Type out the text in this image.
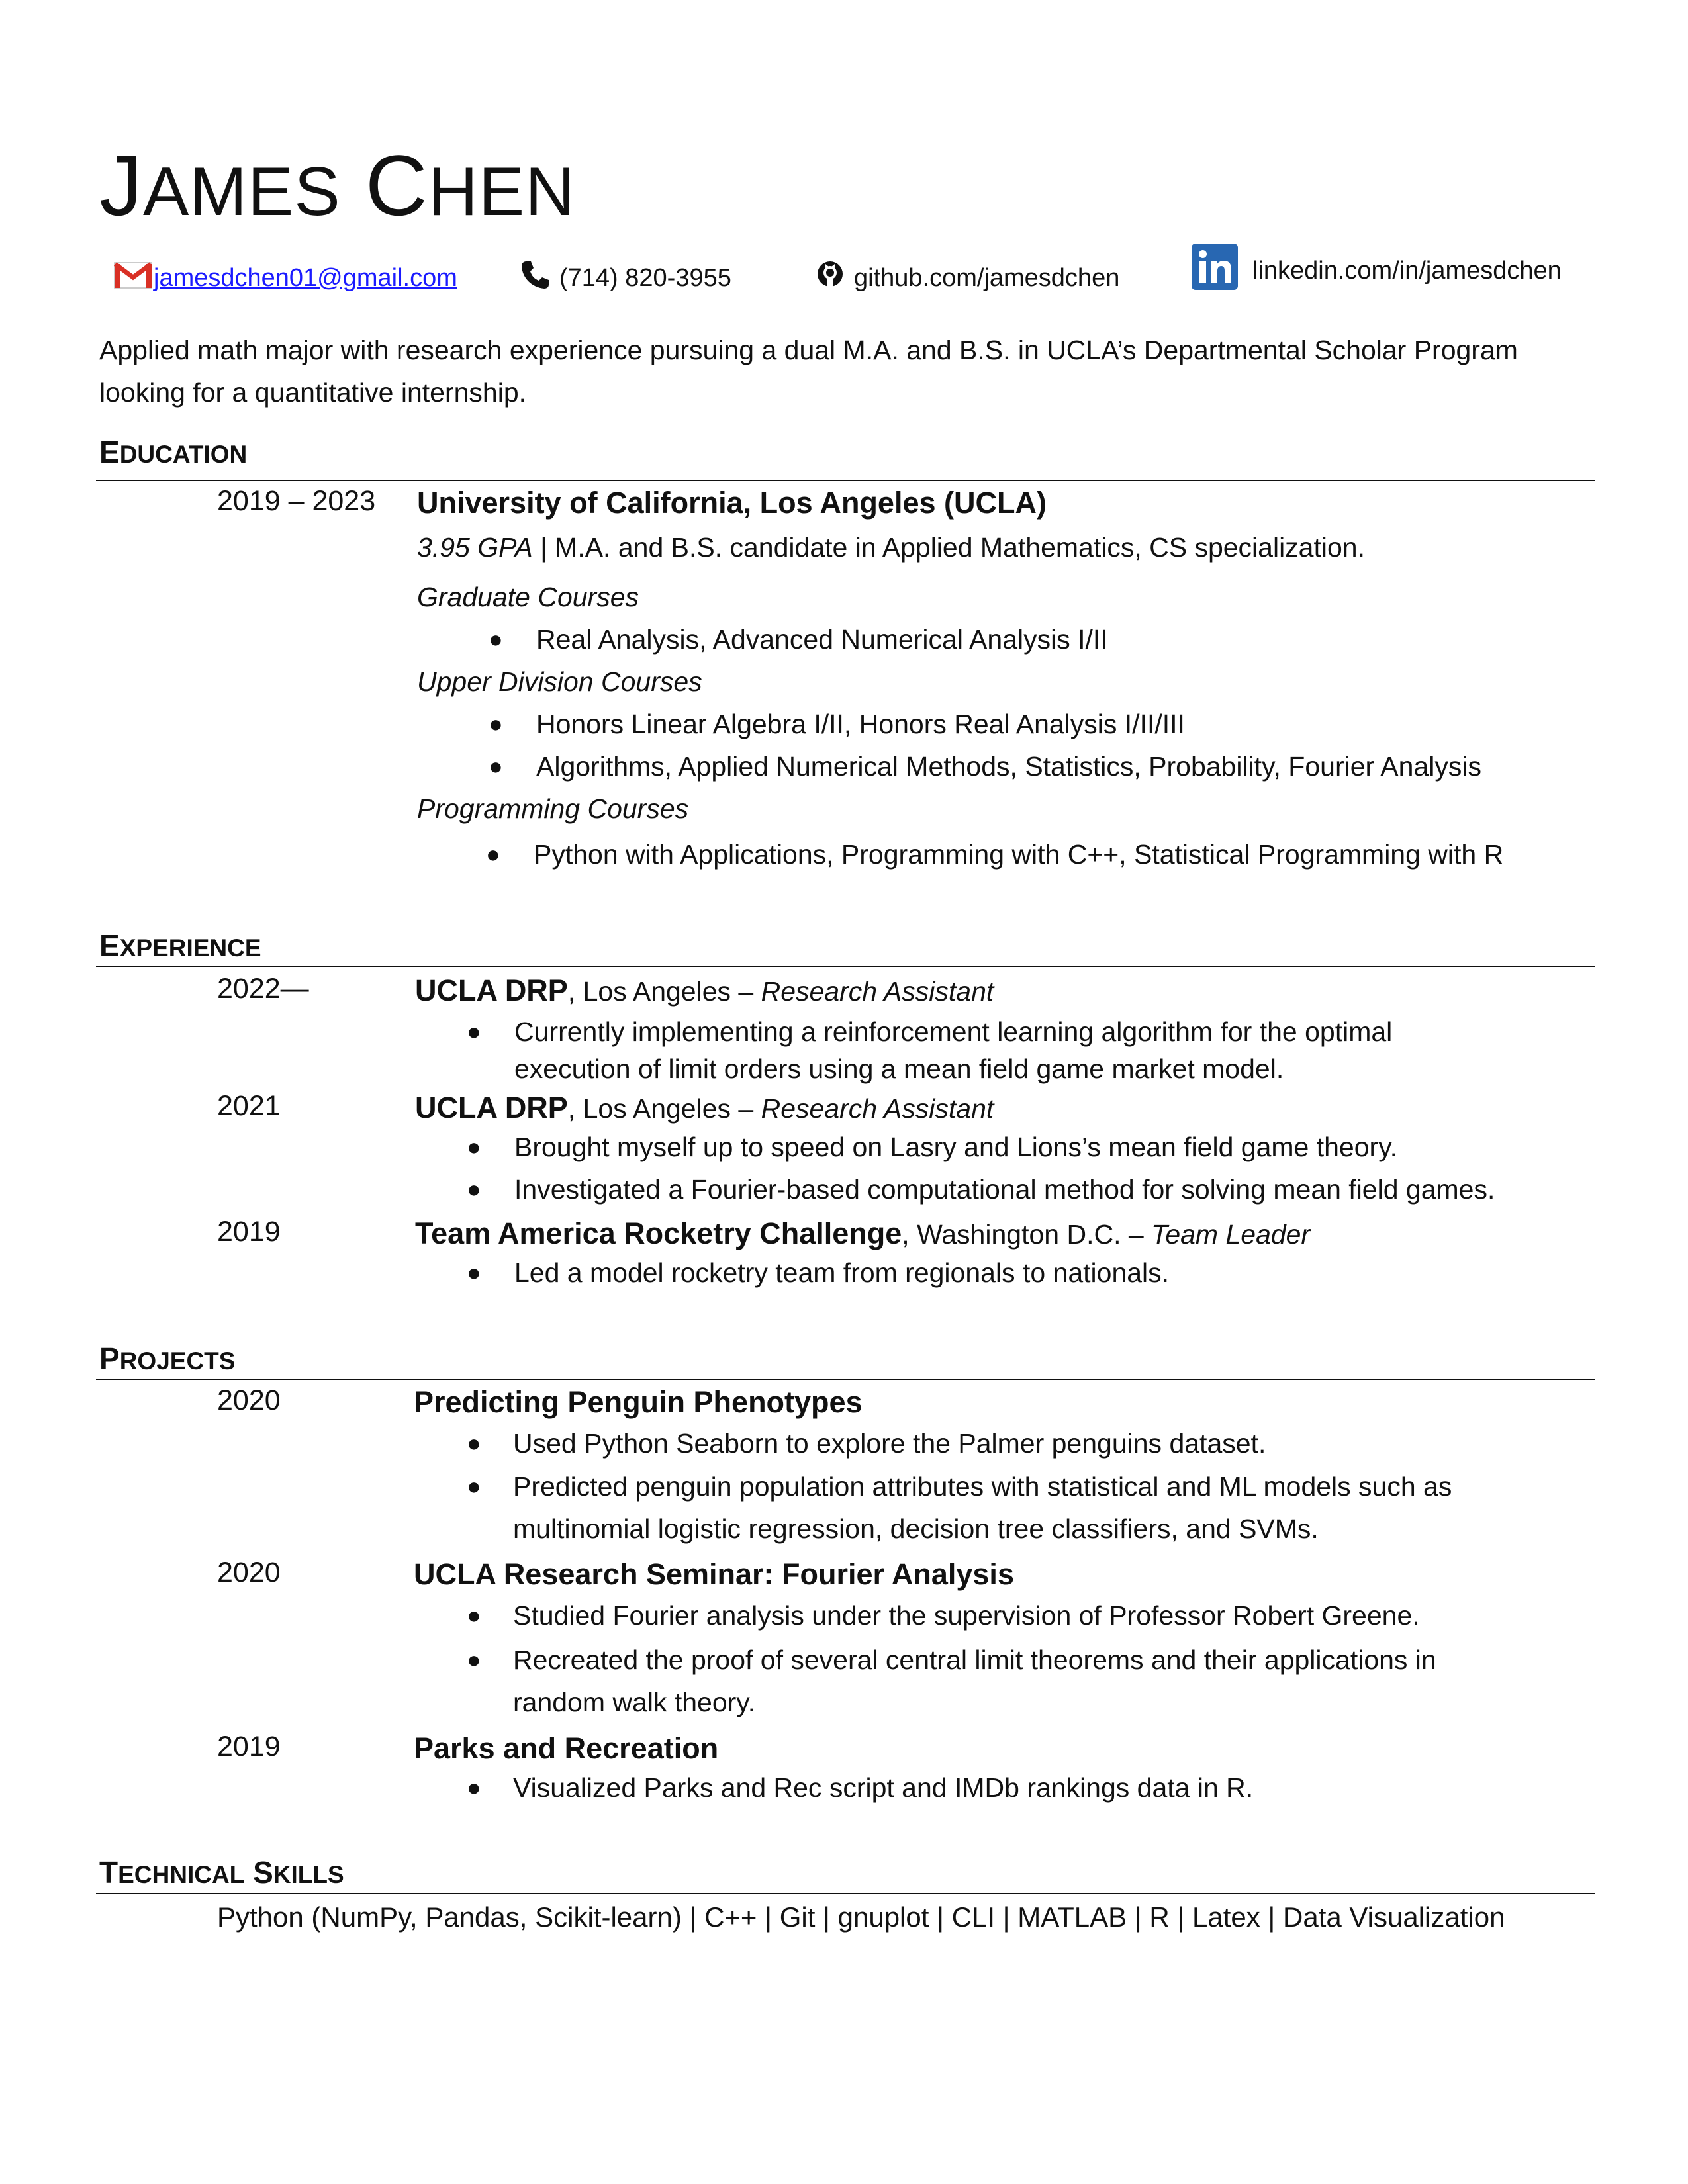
JAMES CHEN
jamesdchen01@gmail.com	(714) 820-3955	github.com/jamesdchen	linkedin.com/in/jamesdchen
Applied math major with research experience pursuing a dual M.A. and B.S. in UCLA’s Departmental Scholar Program looking for a quantitative internship.
EDUCATION
2019 – 2023 University of California, Los Angeles (UCLA)
3.95 GPA | M.A. and B.S. candidate in Applied Mathematics, CS specialization.
Graduate Courses
● Real Analysis, Advanced Numerical Analysis I/II
Upper Division Courses
● Honors Linear Algebra I/II, Honors Real Analysis I/II/III
● Algorithms, Applied Numerical Methods, Statistics, Probability, Fourier Analysis
Programming Courses
● Python with Applications, Programming with C++, Statistical Programming with R
EXPERIENCE
2022—	UCLA DRP, Los Angeles – Research Assistant
● Currently implementing a reinforcement learning algorithm for the optimal
execution of limit orders using a mean field game market model.
2021	UCLA DRP, Los Angeles – Research Assistant
● Brought myself up to speed on Lasry and Lions’s mean field game theory.
● Investigated a Fourier-based computational method for solving mean field games.
2019	Team America Rocketry Challenge, Washington D.C. – Team Leader
● Led a model rocketry team from regionals to nationals.
PROJECTS
2020	Predicting Penguin Phenotypes
● Used Python Seaborn to explore the Palmer penguins dataset.
● Predicted penguin population attributes with statistical and ML models such as
multinomial logistic regression, decision tree classifiers, and SVMs.
2020	UCLA Research Seminar: Fourier Analysis
● Studied Fourier analysis under the supervision of Professor Robert Greene.
● Recreated the proof of several central limit theorems and their applications in
random walk theory.
2019	Parks and Recreation
● Visualized Parks and Rec script and IMDb rankings data in R.
TECHNICAL SKILLS
Python (NumPy, Pandas, Scikit-learn) | C++ | Git | gnuplot | CLI | MATLAB | R | Latex | Data Visualization
